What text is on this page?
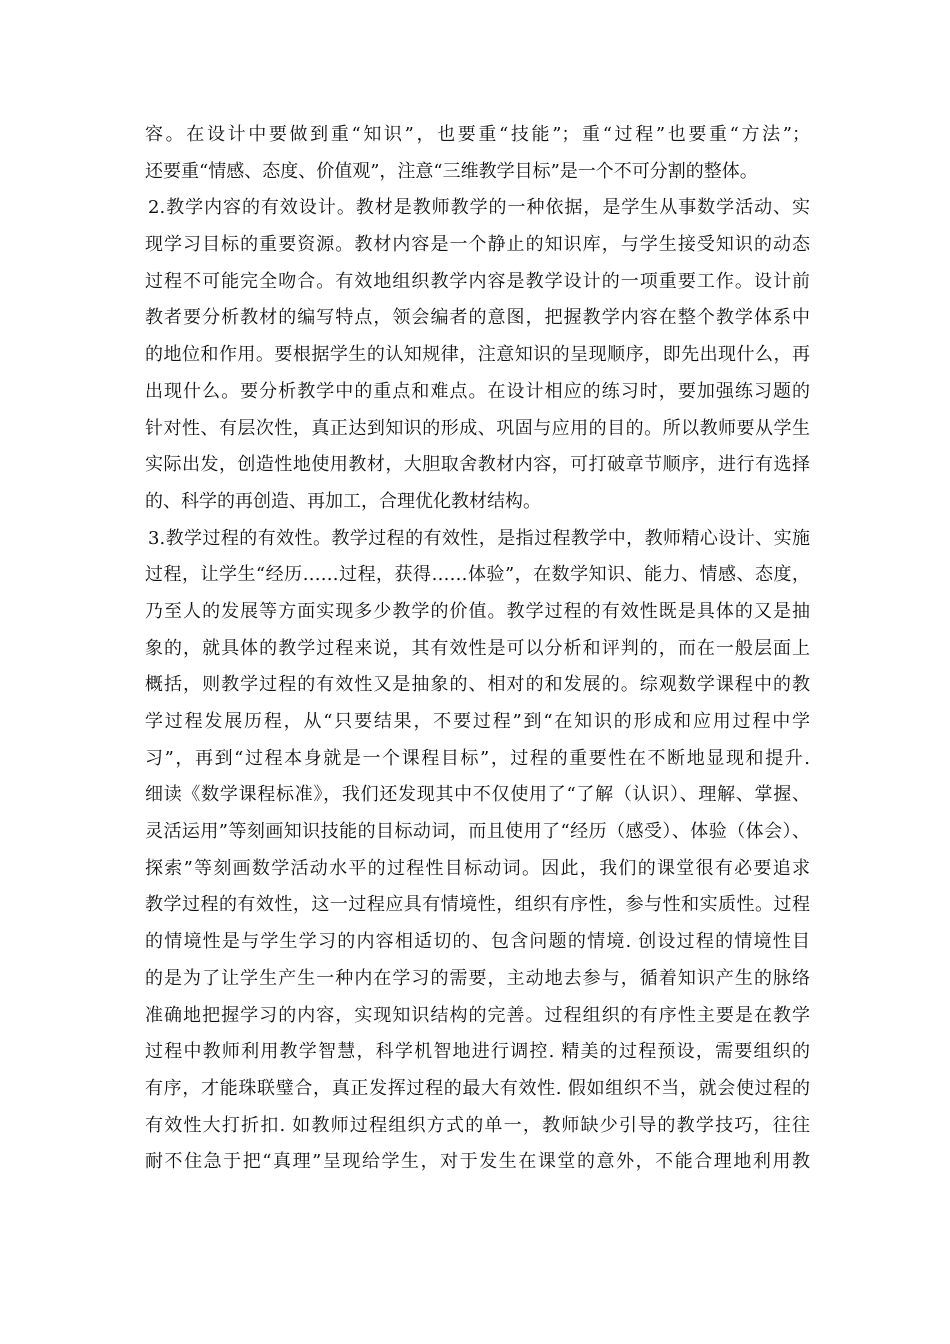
容。在设计中要做到重“知识”，也要重“技能”；重“过程”也要重“方法”；
还要重“情感、态度、价值观”，注意“三维教学目标”是一个不可分割的整体。
2.教学内容的有效设计。教材是教师教学的一种依据，是学生从事数学活动、实
现学习目标的重要资源。教材内容是一个静止的知识库，与学生接受知识的动态
过程不可能完全吻合。有效地组织教学内容是教学设计的一项重要工作。设计前
教者要分析教材的编写特点，领会编者的意图，把握教学内容在整个教学体系中
的地位和作用。要根据学生的认知规律，注意知识的呈现顺序，即先出现什么，再
出现什么。要分析教学中的重点和难点。在设计相应的练习时，要加强练习题的
针对性、有层次性，真正达到知识的形成、巩固与应用的目的。所以教师要从学生
实际出发，创造性地使用教材，大胆取舍教材内容，可打破章节顺序，进行有选择
的、科学的再创造、再加工，合理优化教材结构。
3.教学过程的有效性。教学过程的有效性，是指过程教学中，教师精心设计、实施
过程，让学生“经历……过程，获得……体验”，在数学知识、能力、情感、态度，
乃至人的发展等方面实现多少教学的价值。教学过程的有效性既是具体的又是抽
象的，就具体的教学过程来说，其有效性是可以分析和评判的，而在一般层面上
概括，则教学过程的有效性又是抽象的、相对的和发展的。综观数学课程中的教
学过程发展历程，从“只要结果，不要过程”到“在知识的形成和应用过程中学
习”，再到“过程本身就是一个课程目标”，过程的重要性在不断地显现和提升.
细读《数学课程标准》，我们还发现其中不仅使用了“了解（认识）、理解、掌握、
灵活运用”等刻画知识技能的目标动词，而且使用了“经历（感受）、体验（体会）、
探索”等刻画数学活动水平的过程性目标动词。因此，我们的课堂很有必要追求
教学过程的有效性，这一过程应具有情境性，组织有序性，参与性和实质性。过程
的情境性是与学生学习的内容相适切的、包含问题的情境. 创设过程的情境性目
的是为了让学生产生一种内在学习的需要，主动地去参与，循着知识产生的脉络
准确地把握学习的内容，实现知识结构的完善。过程组织的有序性主要是在教学
过程中教师利用教学智慧，科学机智地进行调控. 精美的过程预设，需要组织的
有序，才能珠联璧合，真正发挥过程的最大有效性. 假如组织不当，就会使过程的
有效性大打折扣. 如教师过程组织方式的单一，教师缺少引导的教学技巧，往往
耐不住急于把“真理”呈现给学生，对于发生在课堂的意外，不能合理地利用教
